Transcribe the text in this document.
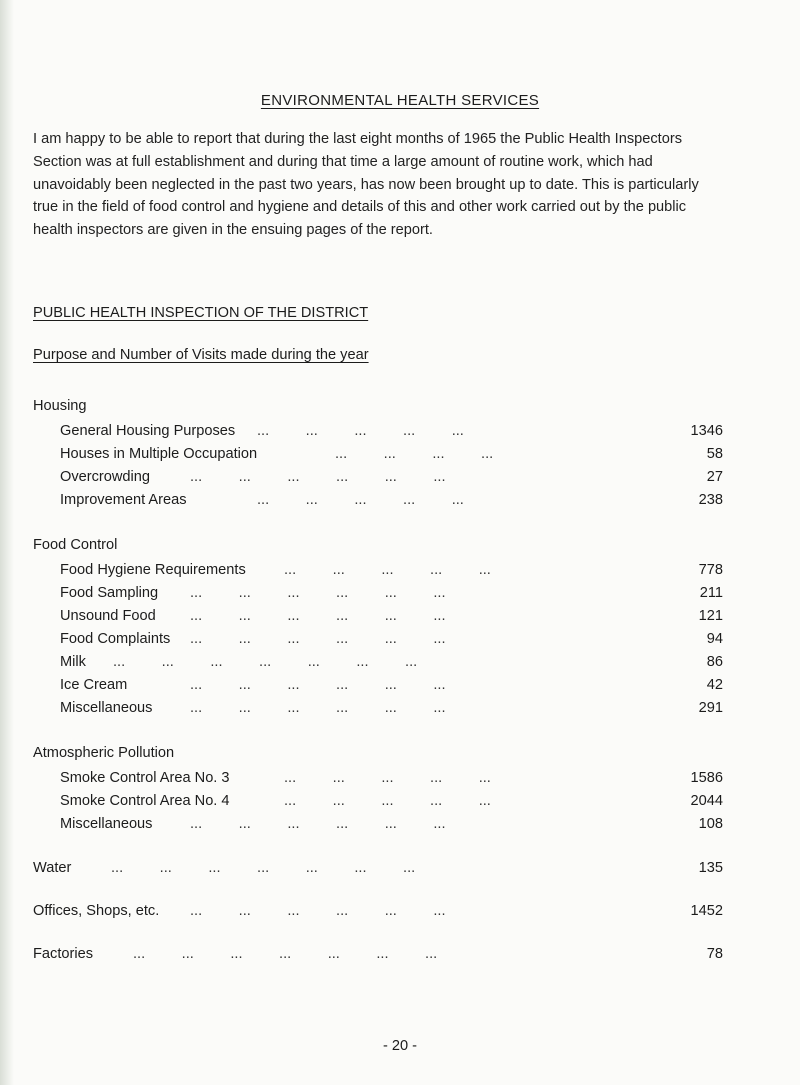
ENVIRONMENTAL HEALTH SERVICES
I am happy to be able to report that during the last eight months of 1965 the Public Health Inspectors Section was at full establishment and during that time a large amount of routine work, which had unavoidably been neglected in the past two years, has now been brought up to date. This is particularly true in the field of food control and hygiene and details of this and other work carried out by the public health inspectors are given in the ensuing pages of the report.
PUBLIC HEALTH INSPECTION OF THE DISTRICT
Purpose and Number of Visits made during the year
Housing
General Housing Purposes ...	...	...	...	...	1346
Houses in Multiple Occupation	...	...	...	...	58
Overcrowding	...	...	...	...	...	...	27
Improvement Areas	...	...	...	...	...	238
Food Control
Food Hygiene Requirements	...	...	...	...	...	778
Food Sampling ...	...	...	...	...	...	211
Unsound Food ...	...	...	...	...	...	121
Food Complaints ...	...	...	...	...	...	94
Milk ...	...	...	...	...	...	...	86
Ice Cream	...	...	...	...	...	...	42
Miscellaneous	...	...	...	...	...	...	291
Atmospheric Pollution
Smoke Control Area No. 3	...	...	...	...	...	1586
Smoke Control Area No. 4	...	...	...	...	...	2044
Miscellaneous	...	...	...	...	...	...	108
Water	...	...	...	...	...	...	...	135
Offices, Shops, etc. ...	...	...	...	...	...	1452
Factories	...	...	...	...	...	...	...	78
- 20 -
